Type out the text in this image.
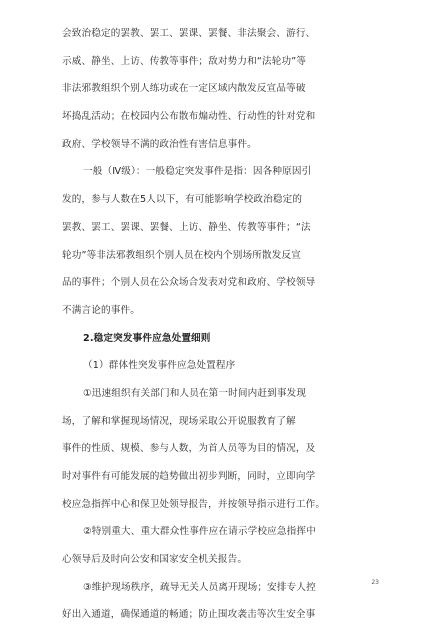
会致治稳定的罢教、罢工、罢课、罢餐、非法聚会、游行、
示威、静坐、上访、传教等事件；敌对势力和“法轮功”等
非法邪教组织个别人练功或在一定区域内散发反宣品等破
坏捣乱活动；在校园内公布散布煽动性、行动性的针对党和
政府、学校领导不满的政治性有害信息事件。
一般（Ⅳ级）：一般稳定突发事件是指：因各种原因引
发的，参与人数在5人以下，有可能影响学校政治稳定的
罢教、罢工、罢课、罢餐、上访、静坐、传教等事件；“法
轮功”等非法邪教组织个别人员在校内个别场所散发反宣
品的事件；个别人员在公众场合发表对党和政府、学校领导
不满言论的事件。
2.稳定突发事件应急处置细则
（1）群体性突发事件应急处置程序
①迅速组织有关部门和人员在第一时间内赶到事发现
场，了解和掌握现场情况，现场采取公开说服教育了解
事件的性质、规模、参与人数，为首人员等为目的情况，及
时对事件有可能发展的趋势做出初步判断，同时，立即向学
校应急指挥中心和保卫处领导报告，并按领导指示进行工作。
②特别重大、重大群众性事件应在请示学校应急指挥中
心领导后及时向公安和国家安全机关报告。
③维护现场秩序，疏导无关人员离开现场；安排专人控
好出入通道，确保通道的畅通；防止围攻袭击等次生安全事
23
